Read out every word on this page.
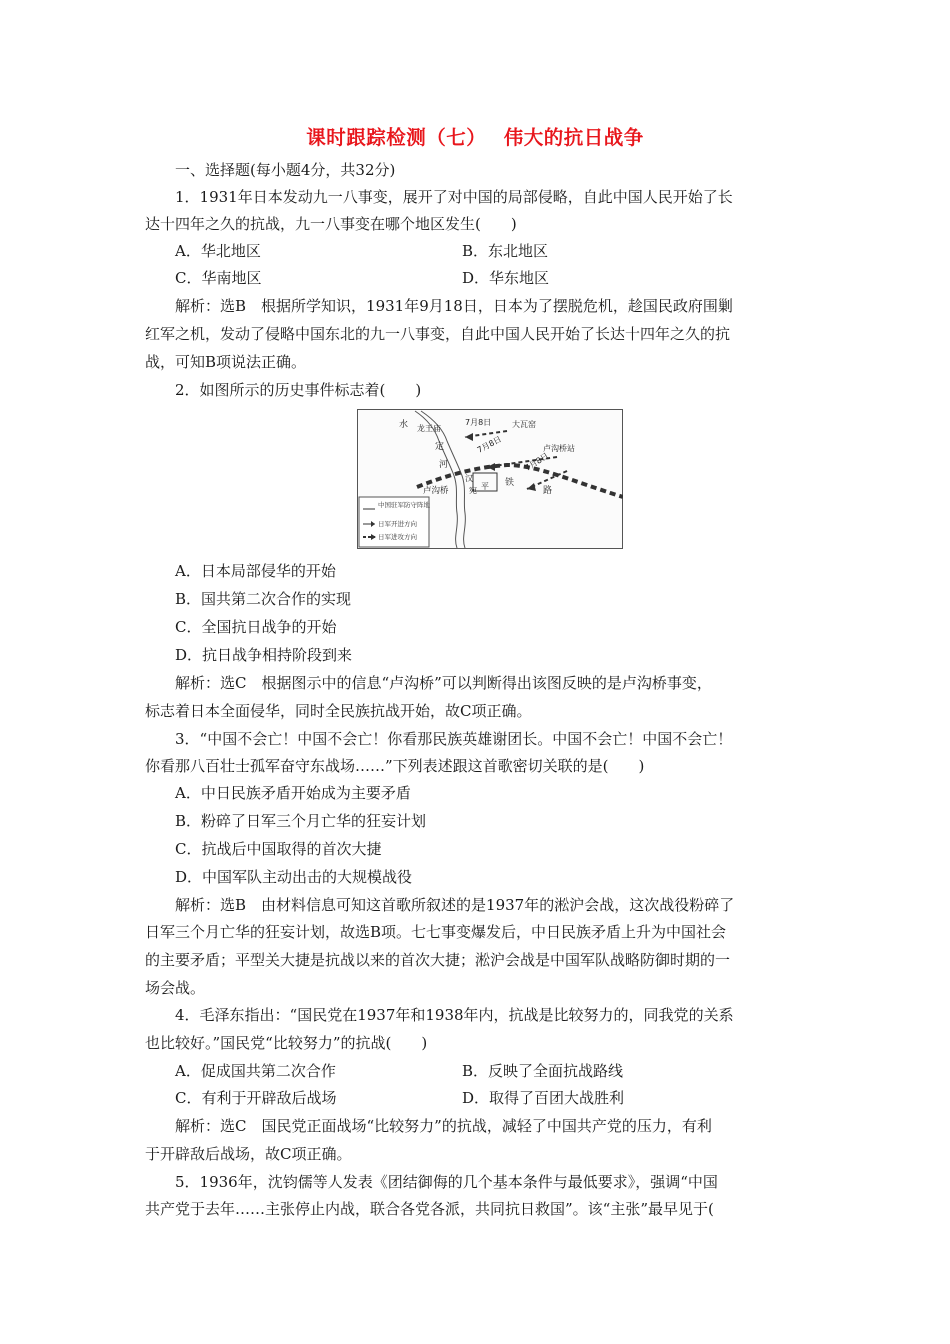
课时跟踪检测（七）　 伟大的抗日战争
一、选择题(每小题4分，共32分)
1．1931年日本发动九一八事变，展开了对中国的局部侵略，自此中国人民开始了长
达十四年之久的抗战，九一八事变在哪个地区发生(　　)
A．华北地区	B．东北地区
C．华南地区	D．华东地区
解析：选B　根据所学知识，1931年9月18日，日本为了摆脱危机，趁国民政府围剿
红军之机，发动了侵略中国东北的九一八事变，自此中国人民开始了长达十四年之久的抗
战，可知B项说法正确。
2．如图所示的历史事件标志着(　　)
中国驻军防守阵地
日军开进方向
日军进攻方向
水 龙王庙
定
河
7月8日	大瓦窑
卢沟桥站
7月8日
7月8日
卢沟桥
汉
宛 平 铁
路
A．日本局部侵华的开始
B．国共第二次合作的实现
C．全国抗日战争的开始
D．抗日战争相持阶段到来
解析：选C　根据图示中的信息“卢沟桥”可以判断得出该图反映的是卢沟桥事变，
标志着日本全面侵华，同时全民族抗战开始，故C项正确。
3．“中国不会亡！中国不会亡！你看那民族英雄谢团长。中国不会亡！中国不会亡！
你看那八百壮士孤军奋守东战场……”下列表述跟这首歌密切关联的是(　　)
A．中日民族矛盾开始成为主要矛盾
B．粉碎了日军三个月亡华的狂妄计划
C．抗战后中国取得的首次大捷
D．中国军队主动出击的大规模战役
解析：选B　由材料信息可知这首歌所叙述的是1937年的淞沪会战，这次战役粉碎了
日军三个月亡华的狂妄计划，故选B项。七七事变爆发后，中日民族矛盾上升为中国社会
的主要矛盾；平型关大捷是抗战以来的首次大捷；淞沪会战是中国军队战略防御时期的一
场会战。
4．毛泽东指出：“国民党在1937年和1938年内，抗战是比较努力的，同我党的关系
也比较好。”国民党“比较努力”的抗战(　　)
A．促成国共第二次合作	B．反映了全面抗战路线
C．有利于开辟敌后战场	D．取得了百团大战胜利
解析：选C　国民党正面战场“比较努力”的抗战，减轻了中国共产党的压力，有利
于开辟敌后战场，故C项正确。
5．1936年，沈钧儒等人发表《团结御侮的几个基本条件与最低要求》，强调“中国
共产党于去年……主张停止内战，联合各党各派，共同抗日救国”。该“主张”最早见于(
